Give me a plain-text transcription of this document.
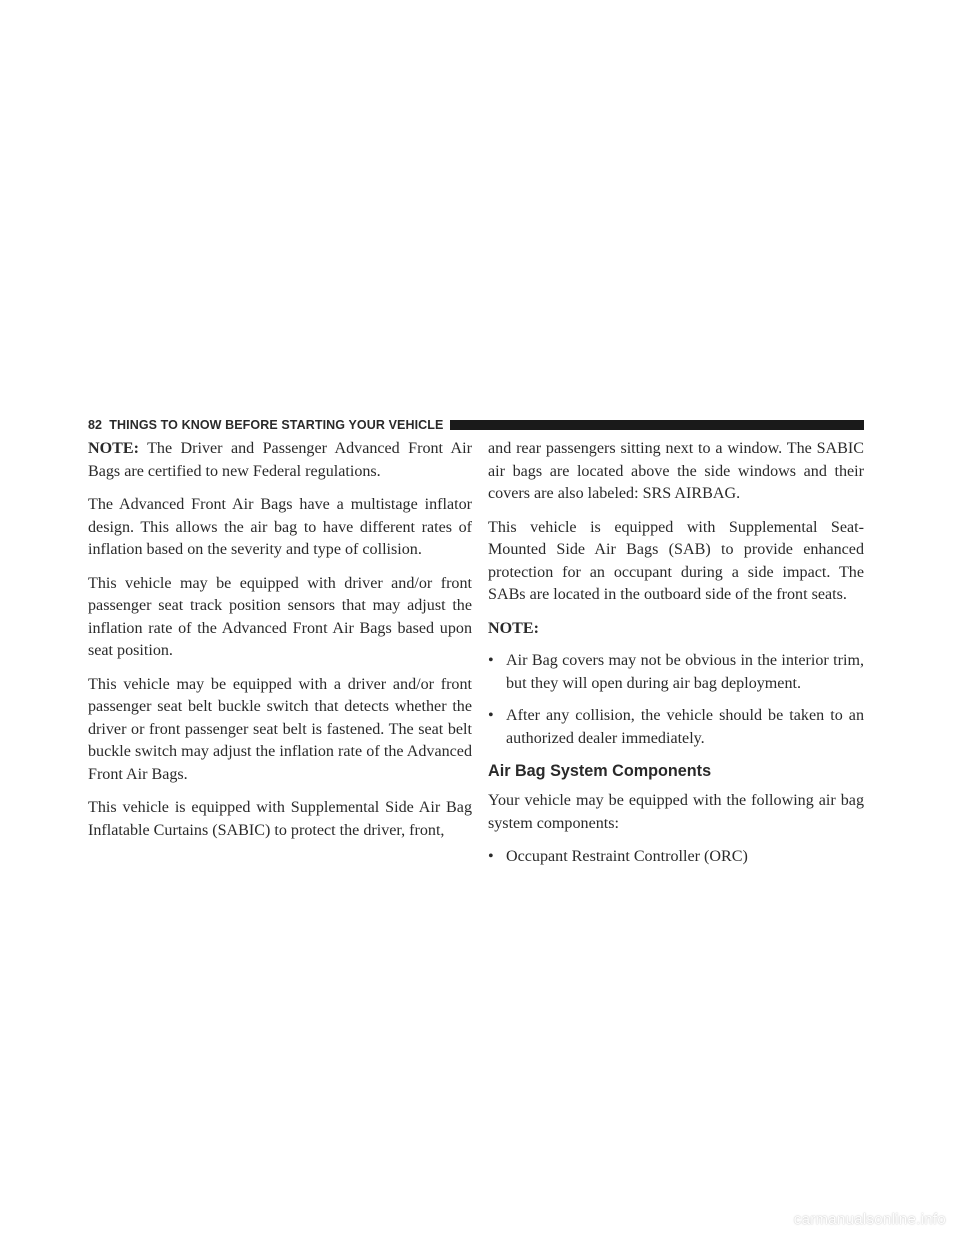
82 THINGS TO KNOW BEFORE STARTING YOUR VEHICLE

NOTE: The Driver and Passenger Advanced Front Air Bags are certified to new Federal regulations.

The Advanced Front Air Bags have a multistage inflator design. This allows the air bag to have different rates of inflation based on the severity and type of collision.

This vehicle may be equipped with driver and/or front passenger seat track position sensors that may adjust the inflation rate of the Advanced Front Air Bags based upon seat position.

This vehicle may be equipped with a driver and/or front passenger seat belt buckle switch that detects whether the driver or front passenger seat belt is fastened. The seat belt buckle switch may adjust the inflation rate of the Advanced Front Air Bags.

This vehicle is equipped with Supplemental Side Air Bag Inflatable Curtains (SABIC) to protect the driver, front,

and rear passengers sitting next to a window. The SABIC air bags are located above the side windows and their covers are also labeled: SRS AIRBAG.

This vehicle is equipped with Supplemental Seat-Mounted Side Air Bags (SAB) to provide enhanced protection for an occupant during a side impact. The SABs are located in the outboard side of the front seats.

NOTE:
• Air Bag covers may not be obvious in the interior trim, but they will open during air bag deployment.
• After any collision, the vehicle should be taken to an authorized dealer immediately.
Air Bag System Components

Your vehicle may be equipped with the following air bag system components:

• Occupant Restraint Controller (ORC)
carmanualsonline.info
